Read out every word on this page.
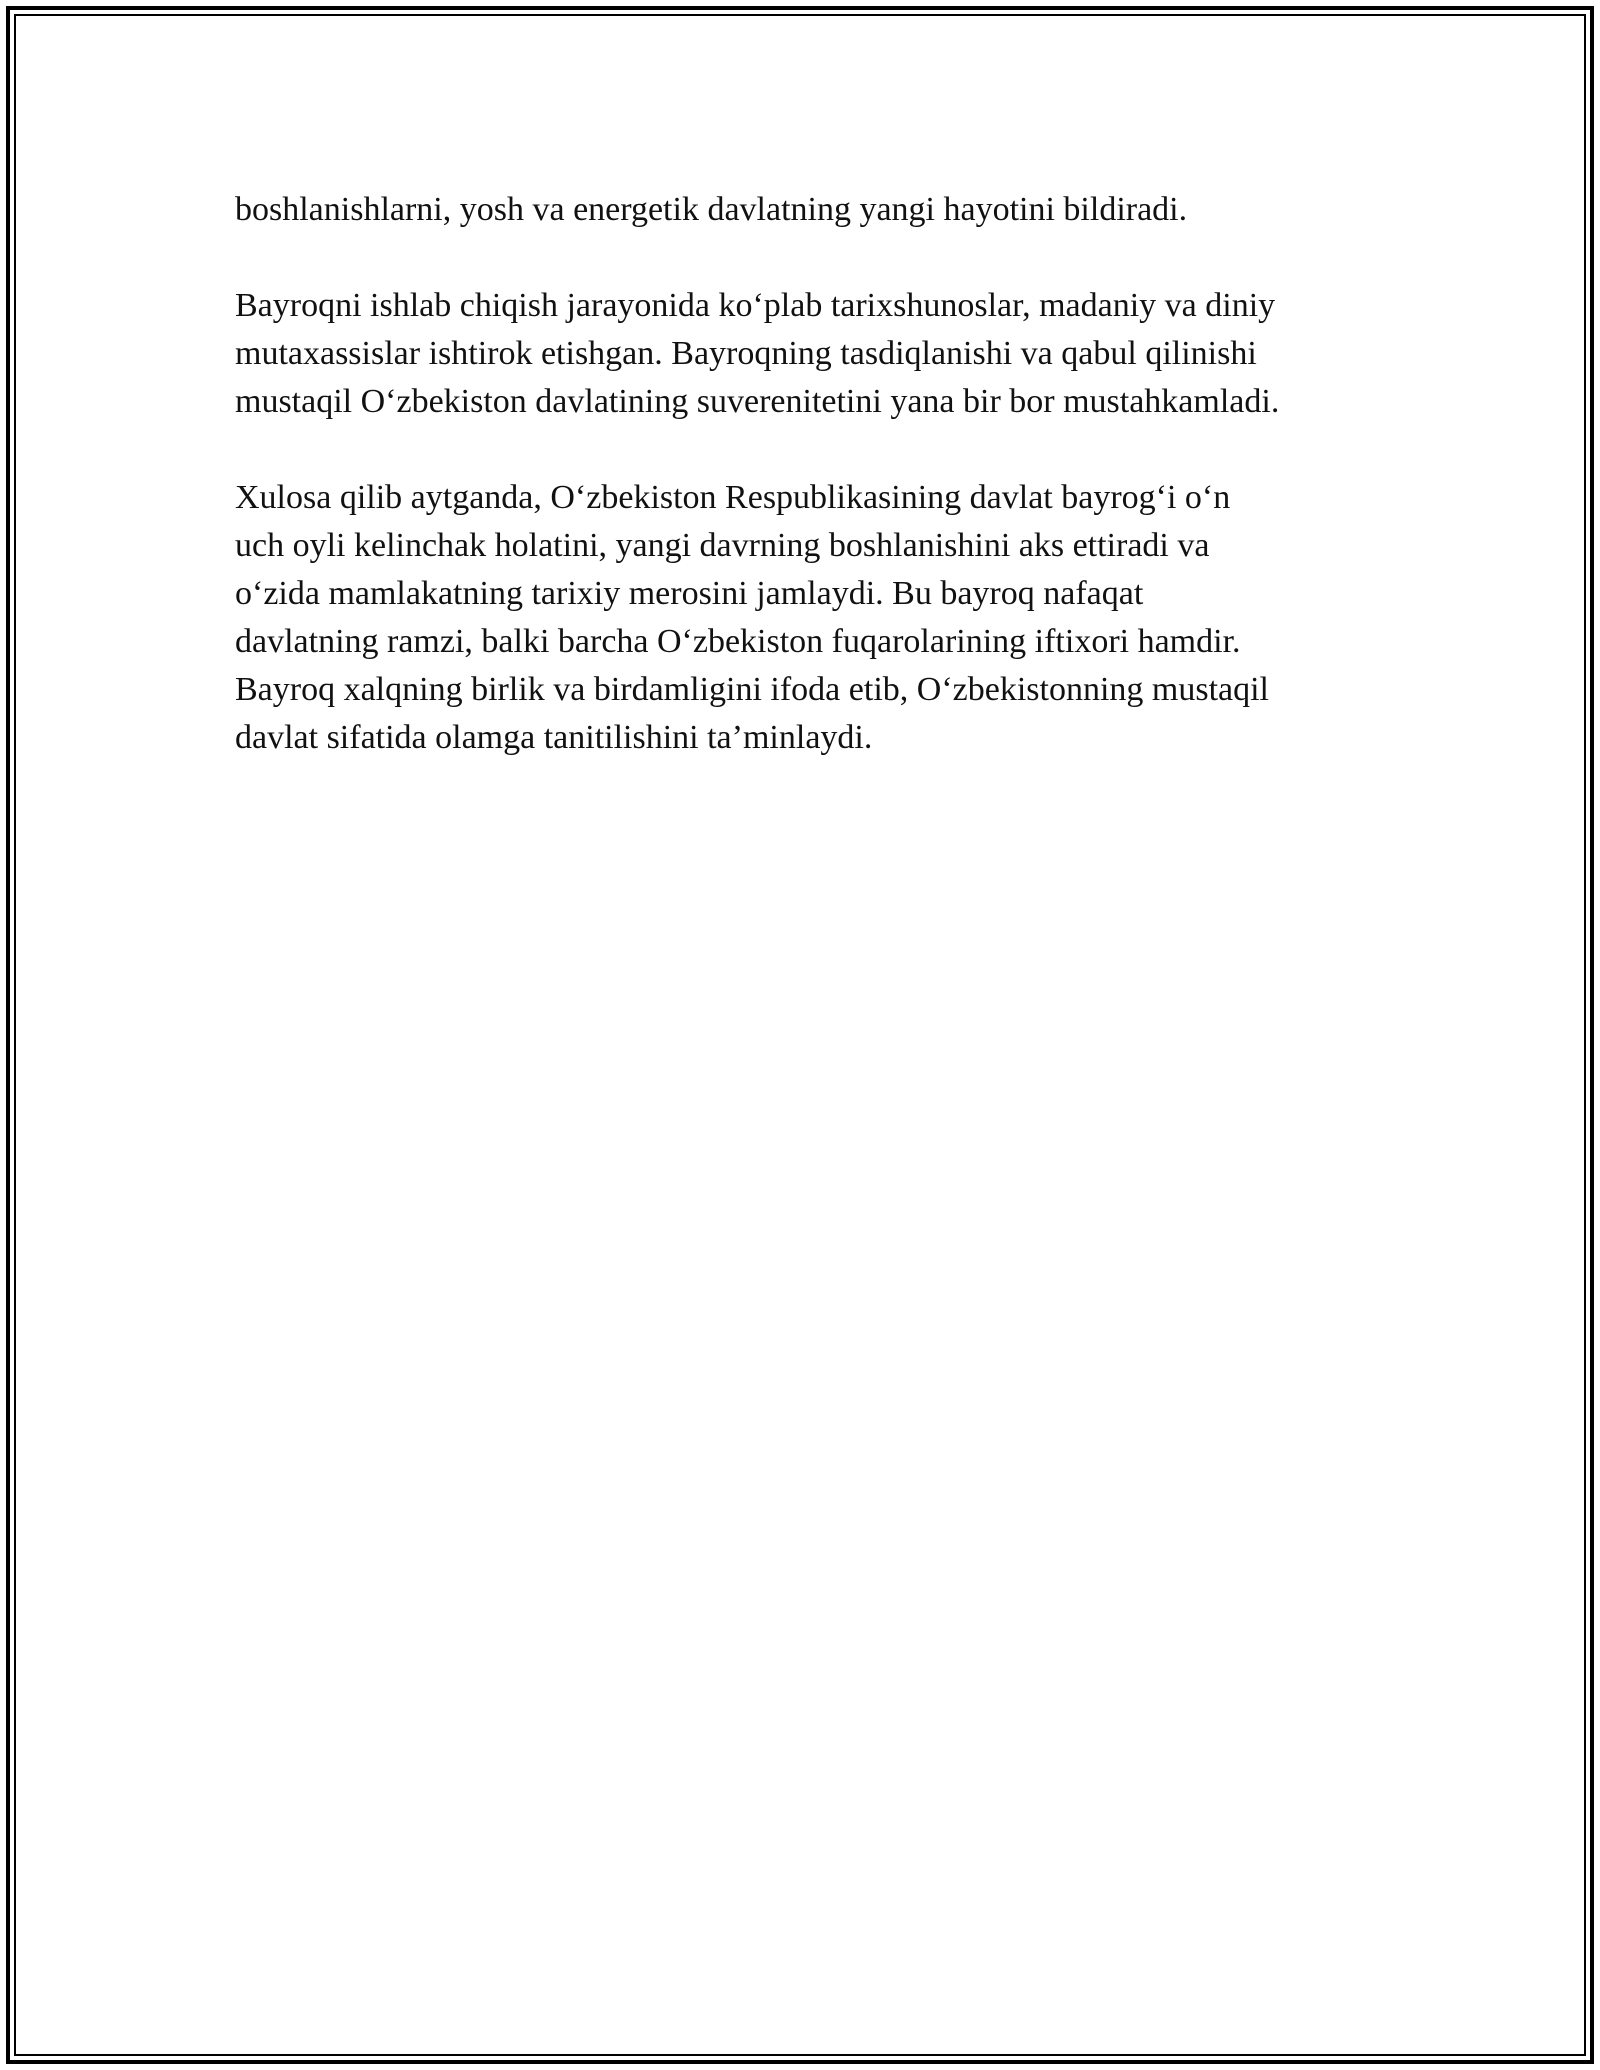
boshlanishlarni, yosh va energetik davlatning yangi hayotini bildiradi.

Bayroqni ishlab chiqish jarayonida ko‘plab tarixshunoslar, madaniy va diniy
mutaxassislar ishtirok etishgan. Bayroqning tasdiqlanishi va qabul qilinishi
mustaqil O‘zbekiston davlatining suverenitetini yana bir bor mustahkamladi.

Xulosa qilib aytganda, O‘zbekiston Respublikasining davlat bayrog‘i o‘n
uch oyli kelinchak holatini, yangi davrning boshlanishini aks ettiradi va
o‘zida mamlakatning tarixiy merosini jamlaydi. Bu bayroq nafaqat
davlatning ramzi, balki barcha O‘zbekiston fuqarolarining iftixori hamdir.
Bayroq xalqning birlik va birdamligini ifoda etib, O‘zbekistonning mustaqil
davlat sifatida olamga tanitilishini ta’minlaydi.
